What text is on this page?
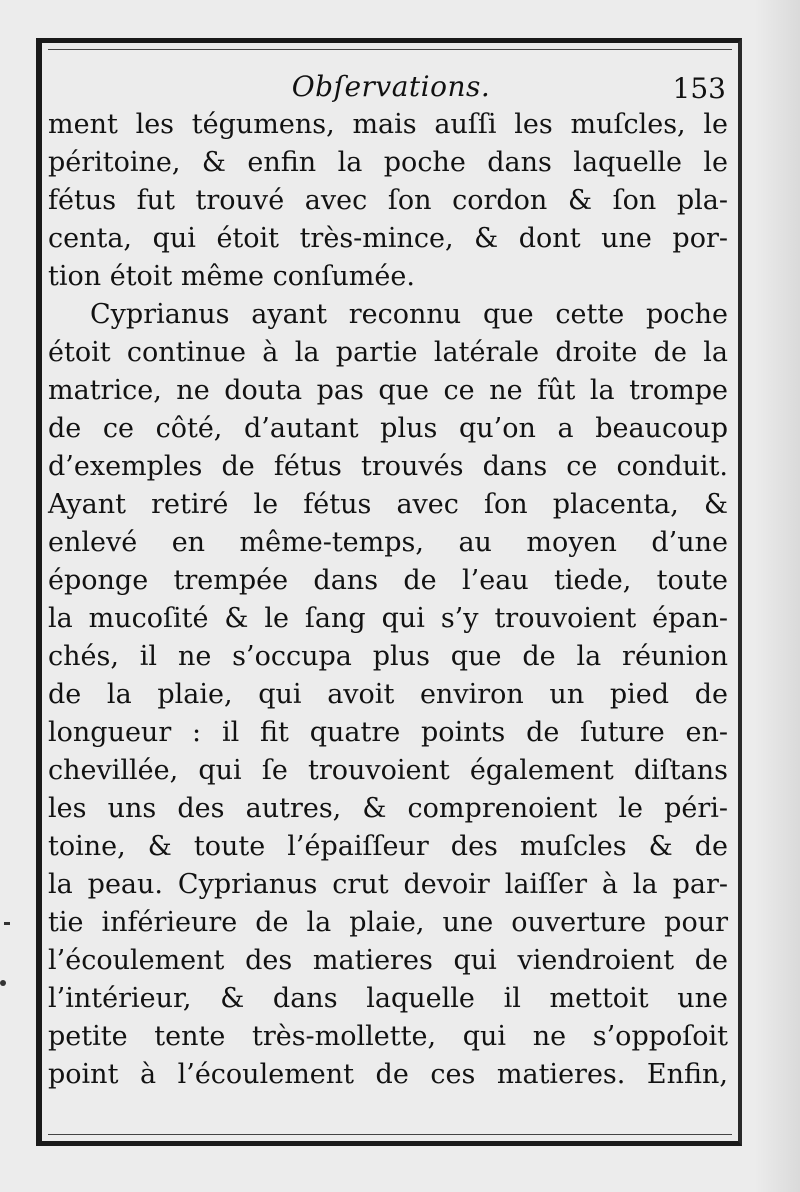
Obſervations.	153
ment les tégumens, mais auſſi les muſcles, le
péritoine, & enfin la poche dans laquelle le
fétus fut trouvé avec ſon cordon & ſon pla-
centa, qui étoit très-mince, & dont une por-
tion étoit même conſumée.
Cyprianus ayant reconnu que cette poche
étoit continue à la partie latérale droite de la
matrice, ne douta pas que ce ne fût la trompe
de ce côté, d’autant plus qu’on a beaucoup
d’exemples de fétus trouvés dans ce conduit.
Ayant retiré le fétus avec ſon placenta, &
enlevé en même-temps, au moyen d’une
éponge trempée dans de l’eau tiede, toute
la mucoſité & le ſang qui s’y trouvoient épan-
chés, il ne s’occupa plus que de la réunion
de la plaie, qui avoit environ un pied de
longueur : il fit quatre points de ſuture en-
chevillée, qui ſe trouvoient également diſtans
les uns des autres, & comprenoient le péri-
toine, & toute l’épaiſſeur des muſcles & de
la peau. Cyprianus crut devoir laiſſer à la par-
tie inférieure de la plaie, une ouverture pour
l’écoulement des matieres qui viendroient de
l’intérieur, & dans laquelle il mettoit une
petite tente très-mollette, qui ne s’oppoſoit
point à l’écoulement de ces matieres. Enfin,
